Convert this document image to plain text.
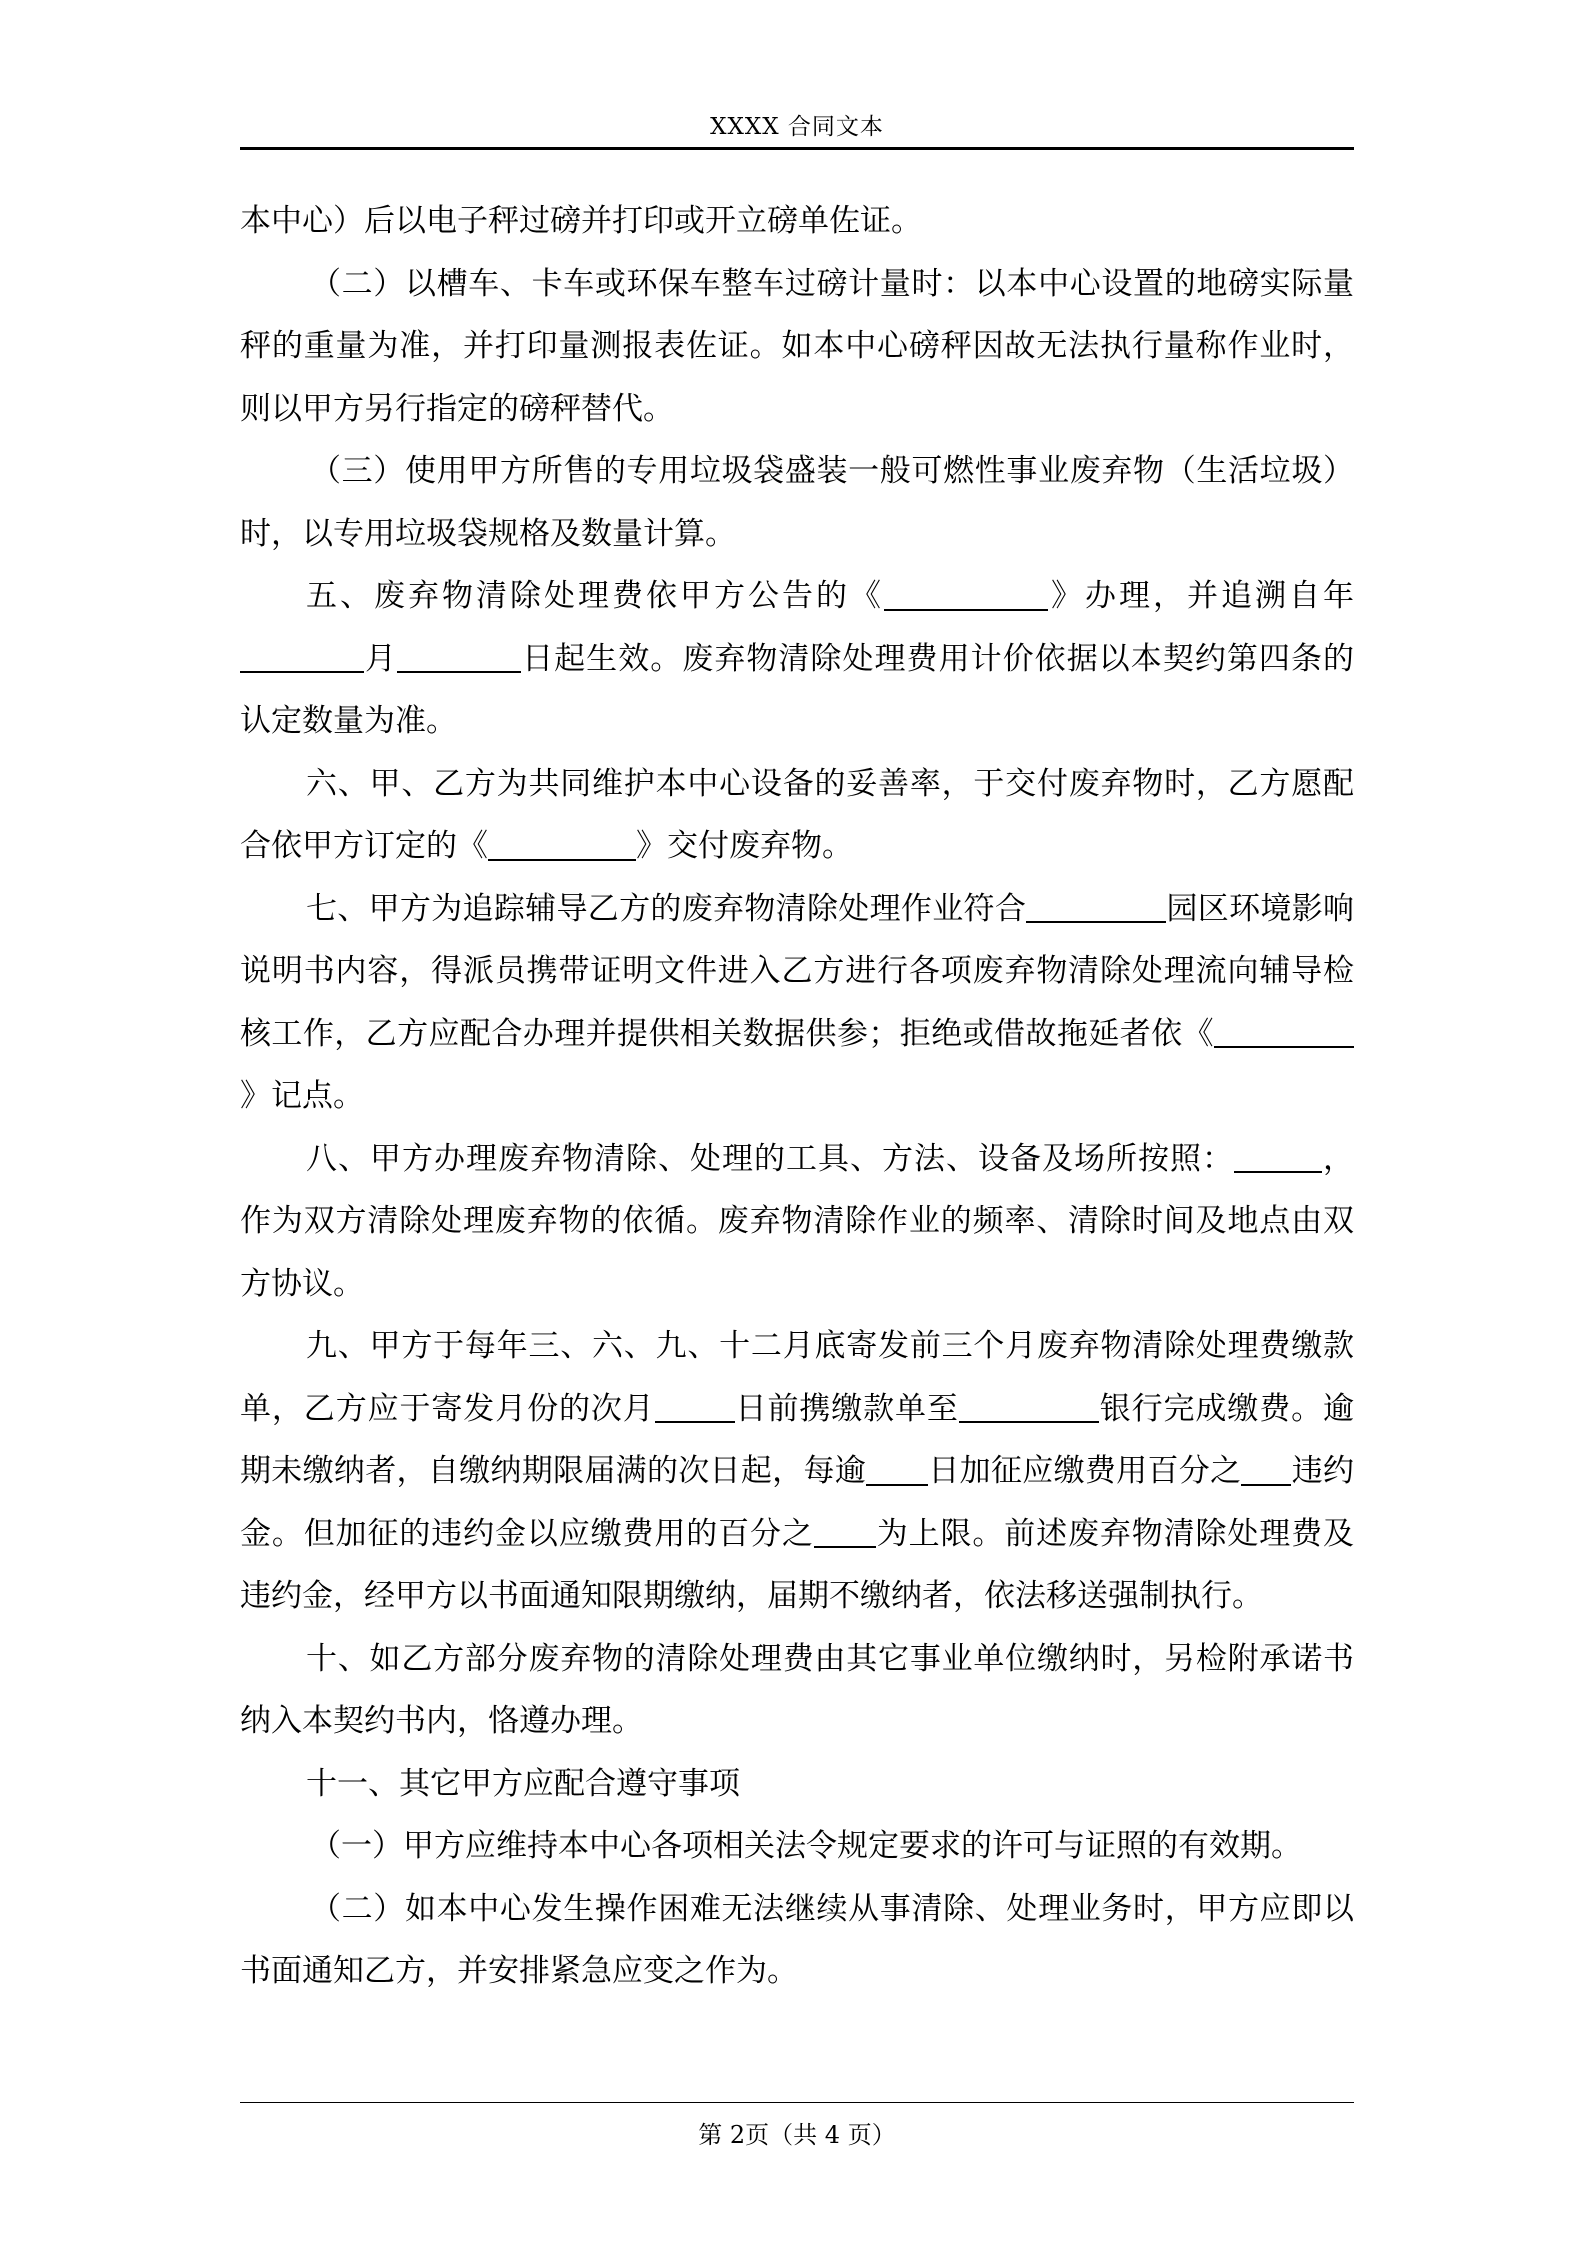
XXXX 合同文本

本中心）后以电子秤过磅并打印或开立磅单佐证。

（二）以槽车、卡车或环保车整车过磅计量时：以本中心设置的地磅实际量秤的重量为准，并打印量测报表佐证。如本中心磅秤因故无法执行量称作业时，则以甲方另行指定的磅秤替代。

（三）使用甲方所售的专用垃圾袋盛装一般可燃性事业废弃物（生活垃圾）时，以专用垃圾袋规格及数量计算。

五、废弃物清除处理费依甲方公告的《	》办理，并追溯自年月	日起生效。废弃物清除处理费用计价依据以本契约第四条的认定数量为准。

六、甲、乙方为共同维护本中心设备的妥善率，于交付废弃物时，乙方愿配合依甲方订定的《	》交付废弃物。

七、甲方为追踪辅导乙方的废弃物清除处理作业符合	园区环境影响说明书内容，得派员携带证明文件进入乙方进行各项废弃物清除处理流向辅导检核工作，乙方应配合办理并提供相关数据供参；拒绝或借故拖延者依《》记点。

八、甲方办理废弃物清除、处理的工具、方法、设备及场所按照：	，作为双方清除处理废弃物的依循。废弃物清除作业的频率、清除时间及地点由双方协议。

九、甲方于每年三、六、九、十二月底寄发前三个月废弃物清除处理费缴款单，乙方应于寄发月份的次月	日前携缴款单至	银行完成缴费。逾期未缴纳者，自缴纳期限届满的次日起，每逾 日加征应缴费用百分之 违约金。但加征的违约金以应缴费用的百分之 为上限。前述废弃物清除处理费及违约金，经甲方以书面通知限期缴纳，届期不缴纳者，依法移送强制执行。

十、如乙方部分废弃物的清除处理费由其它事业单位缴纳时，另检附承诺书纳入本契约书内，恪遵办理。

十一、其它甲方应配合遵守事项

（一）甲方应维持本中心各项相关法令规定要求的许可与证照的有效期。

（二）如本中心发生操作困难无法继续从事清除、处理业务时，甲方应即以书面通知乙方，并安排紧急应变之作为。

第 2页（共 4 页）
